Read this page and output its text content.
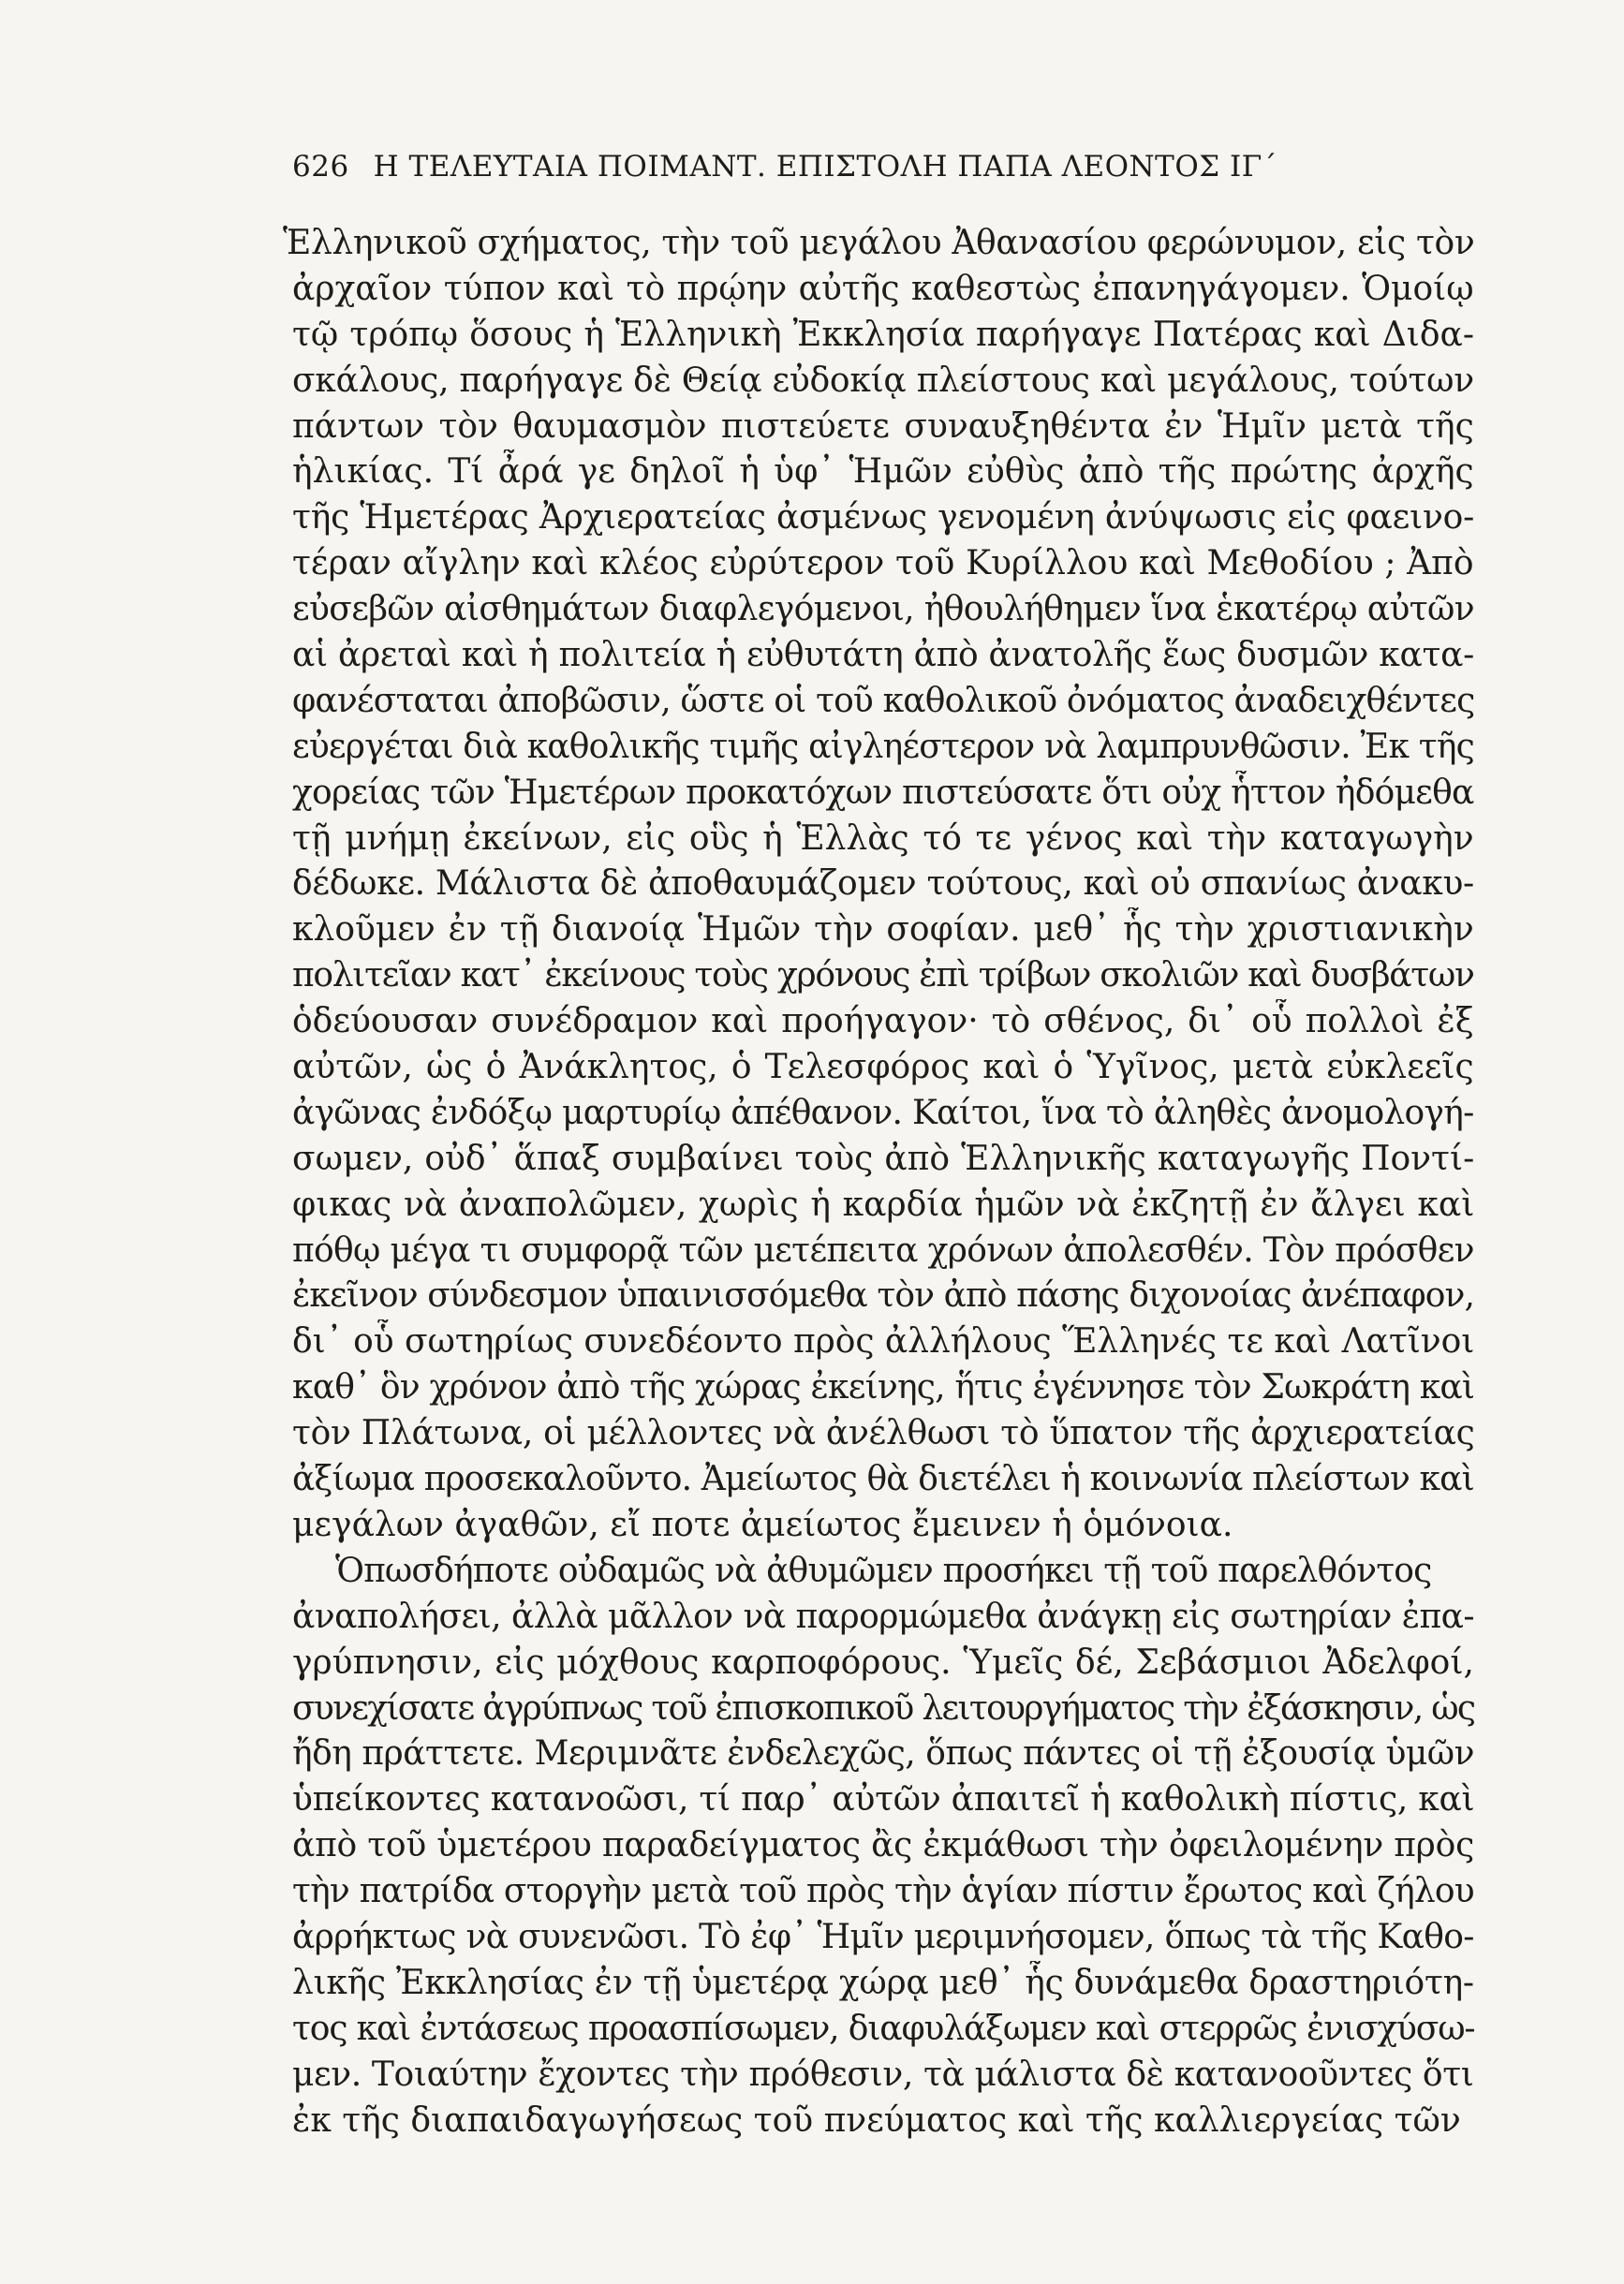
626 Η ΤΕΛΕΥΤΑΙΑ ΠΟΙΜΑΝΤ. ΕΠΙΣΤΟΛΗ ΠΑΠΑ ΛΕΟΝΤΟΣ ΙΓ΄
Ἑλληνικοῦ σχήματος, τὴν τοῦ μεγάλου Ἀθανασίου φερώνυμον, εἰς τὸν
ἀρχαῖον τύπον καὶ τὸ πρῴην αὐτῆς καθεστὼς ἐπανηγάγομεν. Ὁμοίῳ
τῷ τρόπῳ ὅσους ἡ Ἑλληνικὴ Ἐκκλησία παρήγαγε Πατέρας καὶ Διδα-
σκάλους, παρήγαγε δὲ Θείᾳ εὐδοκίᾳ πλείστους καὶ μεγάλους, τούτων
πάντων τὸν θαυμασμὸν πιστεύετε συναυξηθέντα ἐν Ἡμῖν μετὰ τῆς
ἡλικίας. Τί ἆρά γε δηλοῖ ἡ ὑφ᾽ Ἡμῶν εὐθὺς ἀπὸ τῆς πρώτης ἀρχῆς
τῆς Ἡμετέρας Ἀρχιερατείας ἀσμένως γενομένη ἀνύψωσις εἰς φαεινο-
τέραν αἴγλην καὶ κλέος εὐρύτερον τοῦ Κυρίλλου καὶ Μεθοδίου ; Ἀπὸ
εὐσεβῶν αἰσθημάτων διαφλεγόμενοι, ἠθουλήθημεν ἵνα ἑκατέρῳ αὐτῶν
αἱ ἀρεταὶ καὶ ἡ πολιτεία ἡ εὐθυτάτη ἀπὸ ἀνατολῆς ἕως δυσμῶν κατα-
φανέσταται ἀποβῶσιν, ὥστε οἱ τοῦ καθολικοῦ ὀνόματος ἀναδειχθέντες
εὐεργέται διὰ καθολικῆς τιμῆς αἰγληέστερον νὰ λαμπρυνθῶσιν. Ἐκ τῆς
χορείας τῶν Ἡμετέρων προκατόχων πιστεύσατε ὅτι οὐχ ἧττον ἠδόμεθα
τῇ μνήμῃ ἐκείνων, εἰς οὓς ἡ Ἑλλὰς τό τε γένος καὶ τὴν καταγωγὴν
δέδωκε. Μάλιστα δὲ ἀποθαυμάζομεν τούτους, καὶ οὐ σπανίως ἀνακυ-
κλοῦμεν ἐν τῇ διανοίᾳ Ἡμῶν τὴν σοφίαν. μεθ᾽ ἧς τὴν χριστιανικὴν
πολιτεῖαν κατ᾽ ἐκείνους τοὺς χρόνους ἐπὶ τρίβων σκολιῶν καὶ δυσβάτων
ὁδεύουσαν συνέδραμον καὶ προήγαγον· τὸ σθένος, δι᾽ οὗ πολλοὶ ἐξ
αὐτῶν, ὡς ὁ Ἀνάκλητος, ὁ Τελεσφόρος καὶ ὁ Ὑγῖνος, μετὰ εὐκλεεῖς
ἀγῶνας ἐνδόξῳ μαρτυρίῳ ἀπέθανον. Καίτοι, ἵνα τὸ ἀληθὲς ἀνομολογή-
σωμεν, οὐδ᾽ ἅπαξ συμβαίνει τοὺς ἀπὸ Ἑλληνικῆς καταγωγῆς Ποντί-
φικας νὰ ἀναπολῶμεν, χωρὶς ἡ καρδία ἡμῶν νὰ ἐκζητῇ ἐν ἄλγει καὶ
πόθῳ μέγα τι συμφορᾷ τῶν μετέπειτα χρόνων ἀπολεσθέν. Τὸν πρόσθεν
ἐκεῖνον σύνδεσμον ὑπαινισσόμεθα τὸν ἀπὸ πάσης διχονοίας ἀνέπαφον,
δι᾽ οὗ σωτηρίως συνεδέοντο πρὸς ἀλλήλους Ἕλληνές τε καὶ Λατῖνοι
καθ᾽ ὃν χρόνον ἀπὸ τῆς χώρας ἐκείνης, ἥτις ἐγέννησε τὸν Σωκράτη καὶ
τὸν Πλάτωνα, οἱ μέλλοντες νὰ ἀνέλθωσι τὸ ὕπατον τῆς ἀρχιερατείας
ἀξίωμα προσεκαλοῦντο. Ἀμείωτος θὰ διετέλει ἡ κοινωνία πλείστων καὶ
μεγάλων ἀγαθῶν, εἴ ποτε ἀμείωτος ἔμεινεν ἡ ὁμόνοια.
Ὁπωσδήποτε οὐδαμῶς νὰ ἀθυμῶμεν προσήκει τῇ τοῦ παρελθόντος
ἀναπολήσει, ἀλλὰ μᾶλλον νὰ παρορμώμεθα ἀνάγκῃ εἰς σωτηρίαν ἐπα-
γρύπνησιν, εἰς μόχθους καρποφόρους. Ὑμεῖς δέ, Σεβάσμιοι Ἀδελφοί,
συνεχίσατε ἀγρύπνως τοῦ ἐπισκοπικοῦ λειτουργήματος τὴν ἐξάσκησιν, ὡς
ἤδη πράττετε. Μεριμνᾶτε ἐνδελεχῶς, ὅπως πάντες οἱ τῇ ἐξουσίᾳ ὑμῶν
ὑπείκοντες κατανοῶσι, τί παρ᾽ αὐτῶν ἀπαιτεῖ ἡ καθολικὴ πίστις, καὶ
ἀπὸ τοῦ ὑμετέρου παραδείγματος ἂς ἐκμάθωσι τὴν ὀφειλομένην πρὸς
τὴν πατρίδα στοργὴν μετὰ τοῦ πρὸς τὴν ἁγίαν πίστιν ἔρωτος καὶ ζήλου
ἀρρήκτως νὰ συνενῶσι. Τὸ ἐφ᾽ Ἡμῖν μεριμνήσομεν, ὅπως τὰ τῆς Καθο-
λικῆς Ἐκκλησίας ἐν τῇ ὑμετέρᾳ χώρᾳ μεθ᾽ ἧς δυνάμεθα δραστηριότη-
τος καὶ ἐντάσεως προασπίσωμεν, διαφυλάξωμεν καὶ στερρῶς ἐνισχύσω-
μεν. Τοιαύτην ἔχοντες τὴν πρόθεσιν, τὰ μάλιστα δὲ κατανοοῦντες ὅτι
ἐκ τῆς διαπαιδαγωγήσεως τοῦ πνεύματος καὶ τῆς καλλιεργείας τῶν
